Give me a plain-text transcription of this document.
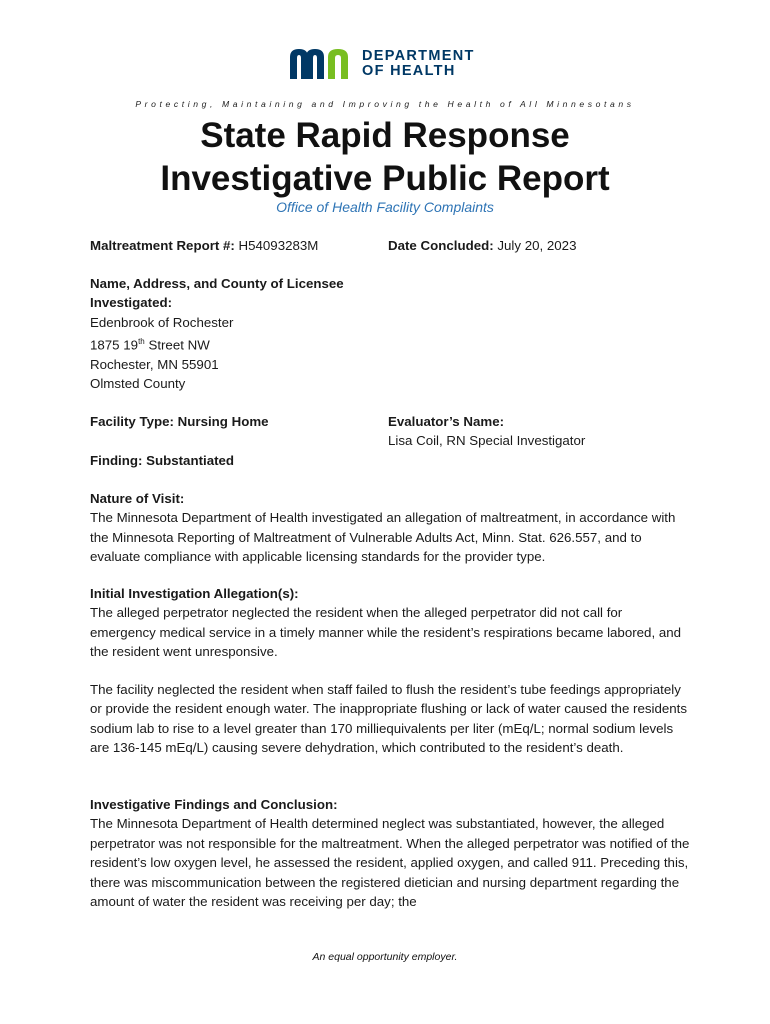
DEPARTMENT
OF HEALTH
Protecting, Maintaining and Improving the Health of All Minnesotans
State Rapid Response
Investigative Public Report
Office of Health Facility Complaints
Maltreatment Report #: H54093283M	Date Concluded: July 20, 2023
Name, Address, and County of Licensee
Investigated:
Edenbrook of Rochester
1875 19th Street NW
Rochester, MN 55901
Olmsted County
Facility Type: Nursing Home	Evaluator’s Name:
Lisa Coil, RN Special Investigator
Finding: Substantiated
Nature of Visit:

The Minnesota Department of Health investigated an allegation of maltreatment, in accordance with the Minnesota Reporting of Maltreatment of Vulnerable Adults Act, Minn. Stat. 626.557, and to evaluate compliance with applicable licensing standards for the provider type.

Initial Investigation Allegation(s):

The alleged perpetrator neglected the resident when the alleged perpetrator did not call for emergency medical service in a timely manner while the resident’s respirations became labored, and the resident went unresponsive.

The facility neglected the resident when staff failed to flush the resident’s tube feedings appropriately or provide the resident enough water. The inappropriate flushing or lack of water caused the residents sodium lab to rise to a level greater than 170 milliequivalents per liter (mEq/L; normal sodium levels are 136-145 mEq/L) causing severe dehydration, which contributed to the resident’s death.

Investigative Findings and Conclusion:

The Minnesota Department of Health determined neglect was substantiated, however, the alleged perpetrator was not responsible for the maltreatment. When the alleged perpetrator was notified of the resident’s low oxygen level, he assessed the resident, applied oxygen, and called 911. Preceding this, there was miscommunication between the registered dietician and nursing department regarding the amount of water the resident was receiving per day; the

An equal opportunity employer.
